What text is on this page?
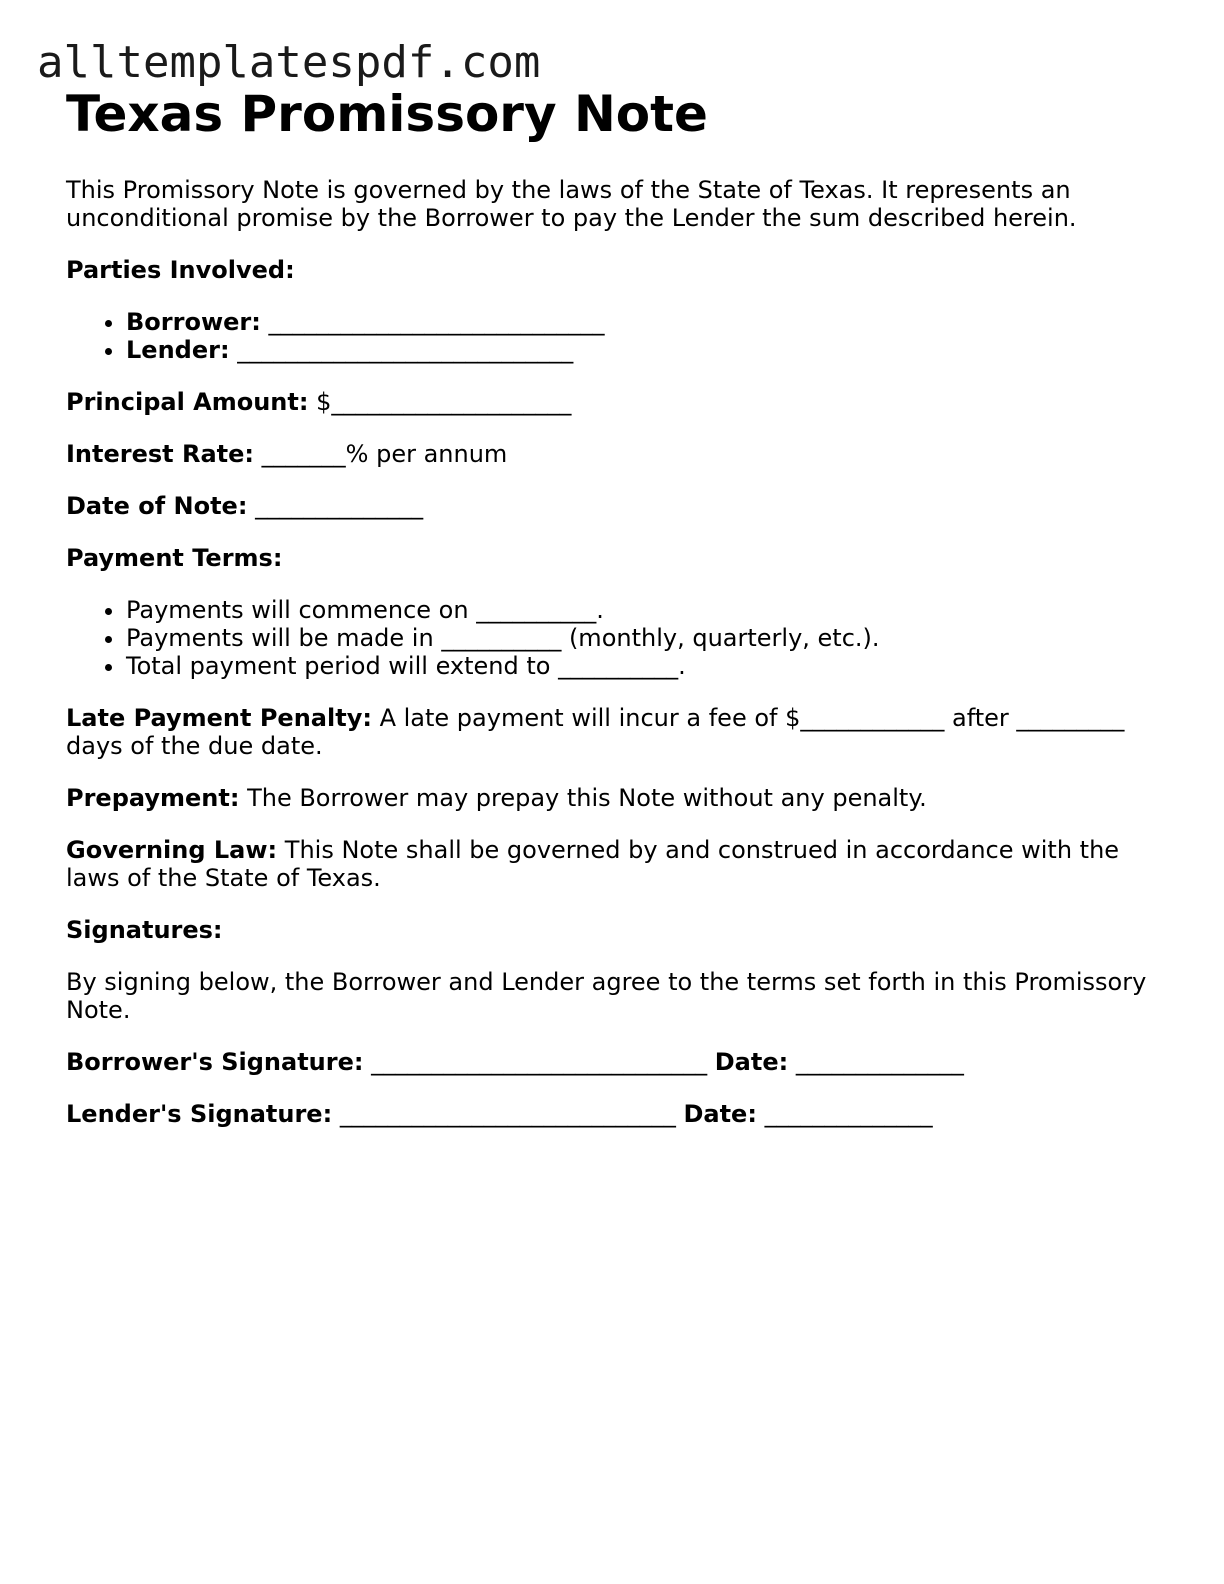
alltemplatespdf.com
Texas Promissory Note

This Promissory Note is governed by the laws of the State of Texas. It represents an unconditional promise by the Borrower to pay the Lender the sum described herein.

Parties Involved:

• Borrower: ____________________________
• Lender: ____________________________

Principal Amount: $____________________

Interest Rate: _______% per annum

Date of Note: ______________

Payment Terms:

• Payments will commence on __________.
• Payments will be made in __________ (monthly, quarterly, etc.).
• Total payment period will extend to __________.

Late Payment Penalty: A late payment will incur a fee of $____________ after _________ days of the due date.

Prepayment: The Borrower may prepay this Note without any penalty.

Governing Law: This Note shall be governed by and construed in accordance with the laws of the State of Texas.

Signatures:

By signing below, the Borrower and Lender agree to the terms set forth in this Promissory Note.

Borrower's Signature: ____________________________ Date: ______________

Lender's Signature: ____________________________ Date: ______________
